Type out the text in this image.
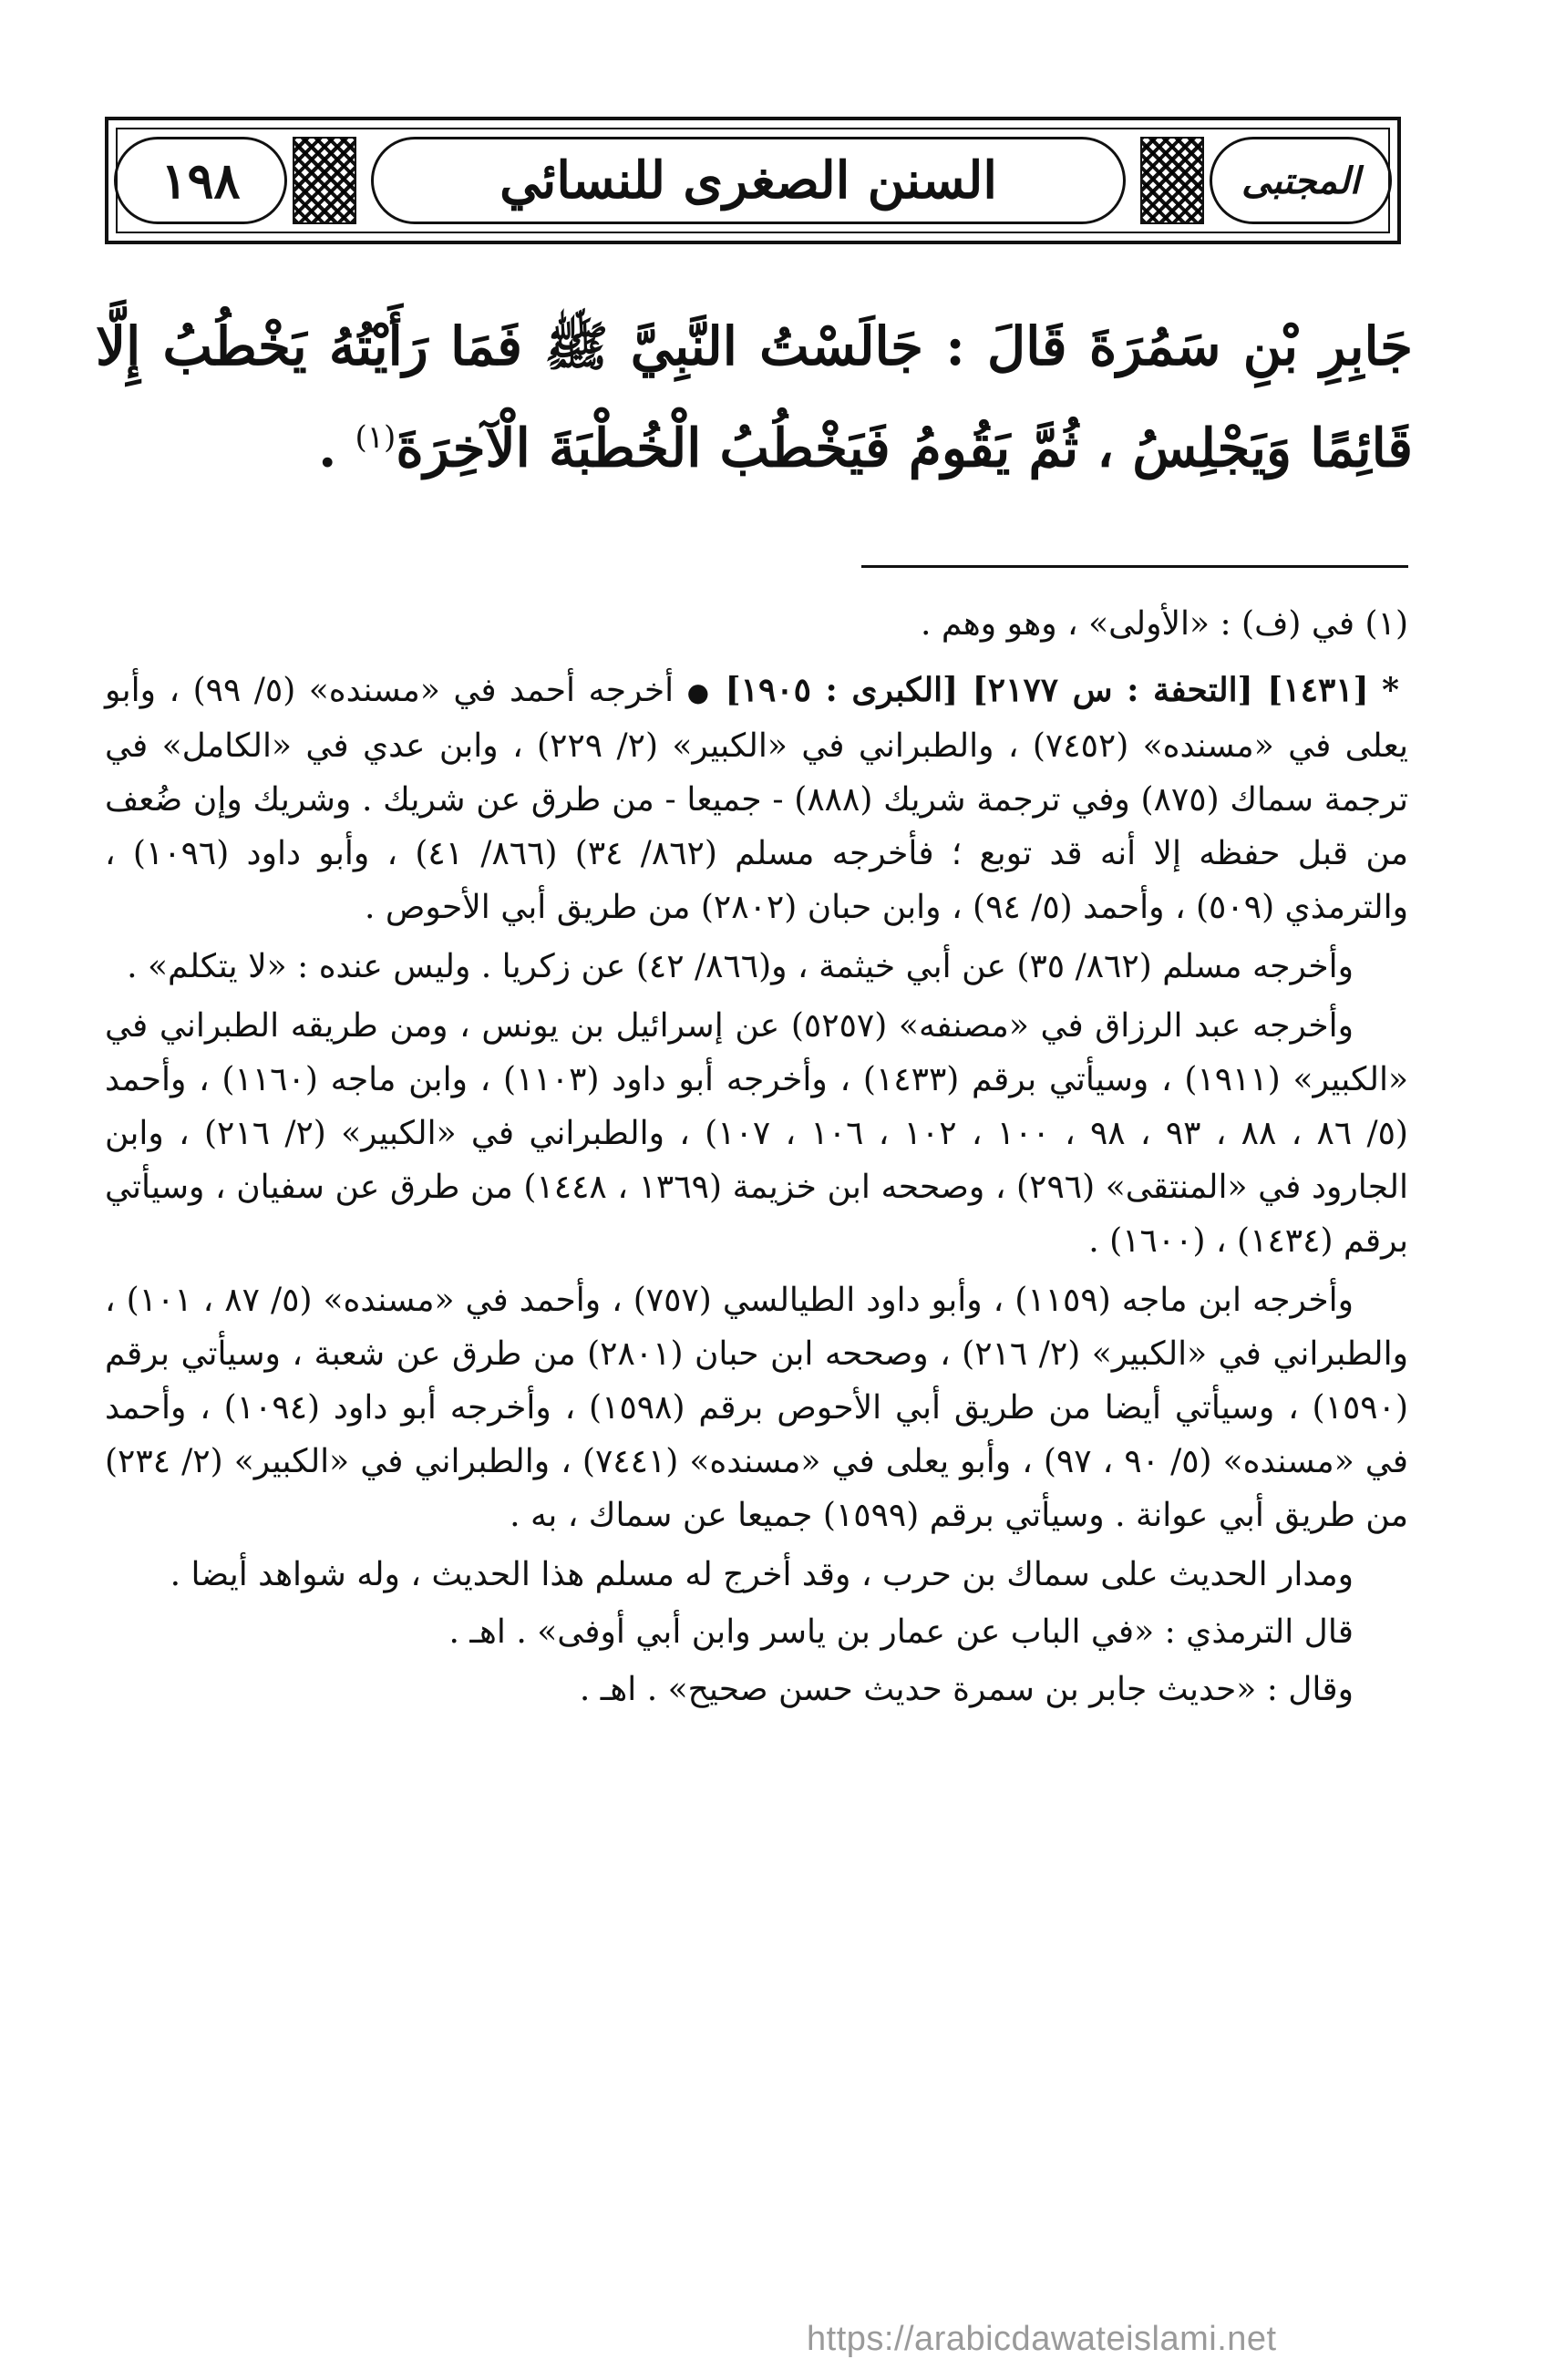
١٩٨	السنن الصغرى للنسائي	المجتبى
جَابِرِ بْنِ سَمُرَةَ قَالَ : جَالَسْتُ النَّبِيَّ ﷺ فَمَا رَأَيْتُهُ يَخْطُبُ إِلَّا قَائِمًا وَيَجْلِسُ ، ثُمَّ يَقُومُ فَيَخْطُبُ الْخُطْبَةَ الْآخِرَةَ$^{(١)}$ .

(١) في (ف) : «الأولى» ، وهو وهم .

* [١٤٣١] [التحفة : س ٢١٧٧] [الكبرى : ١٩٠٥] ● أخرجه أحمد في «مسنده» (٥/ ٩٩) ، وأبو يعلى في «مسنده» (٧٤٥٢) ، والطبراني في «الكبير» (٢/ ٢٢٩) ، وابن عدي في «الكامل» في ترجمة سماك (٨٧٥) وفي ترجمة شريك (٨٨٨) - جميعا - من طرق عن شريك . وشريك وإن ضُعف من قبل حفظه إلا أنه قد توبع ؛ فأخرجه مسلم (٨٦٢/ ٣٤) (٨٦٦/ ٤١) ، وأبو داود (١٠٩٦) ، والترمذي (٥٠٩) ، وأحمد (٥/ ٩٤) ، وابن حبان (٢٨٠٢) من طريق أبي الأحوص .

وأخرجه مسلم (٨٦٢/ ٣٥) عن أبي خيثمة ، و(٨٦٦/ ٤٢) عن زكريا . وليس عنده : «لا يتكلم» .

وأخرجه عبد الرزاق في «مصنفه» (٥٢٥٧) عن إسرائيل بن يونس ، ومن طريقه الطبراني في «الكبير» (١٩١١) ، وسيأتي برقم (١٤٣٣) ، وأخرجه أبو داود (١١٠٣) ، وابن ماجه (١١٦٠) ، وأحمد (٥/ ٨٦ ، ٨٨ ، ٩٣ ، ٩٨ ، ١٠٠ ، ١٠٢ ، ١٠٦ ، ١٠٧) ، والطبراني في «الكبير» (٢/ ٢١٦) ، وابن الجارود في «المنتقى» (٢٩٦) ، وصححه ابن خزيمة (١٣٦٩ ، ١٤٤٨) من طرق عن سفيان ، وسيأتي برقم (١٤٣٤) ، (١٦٠٠) .

وأخرجه ابن ماجه (١١٥٩) ، وأبو داود الطيالسي (٧٥٧) ، وأحمد في «مسنده» (٥/ ٨٧ ، ١٠١) ، والطبراني في «الكبير» (٢/ ٢١٦) ، وصححه ابن حبان (٢٨٠١) من طرق عن شعبة ، وسيأتي برقم (١٥٩٠) ، وسيأتي أيضا من طريق أبي الأحوص برقم (١٥٩٨) ، وأخرجه أبو داود (١٠٩٤) ، وأحمد في «مسنده» (٥/ ٩٠ ، ٩٧) ، وأبو يعلى في «مسنده» (٧٤٤١) ، والطبراني في «الكبير» (٢/ ٢٣٤) من طريق أبي عوانة . وسيأتي برقم (١٥٩٩) جميعا عن سماك ، به .

ومدار الحديث على سماك بن حرب ، وقد أخرج له مسلم هذا الحديث ، وله شواهد أيضا .

قال الترمذي : «في الباب عن عمار بن ياسر وابن أبي أوفى» . اهـ .

وقال : «حديث جابر بن سمرة حديث حسن صحيح» . اهـ .

https://arabicdawateislami.net
